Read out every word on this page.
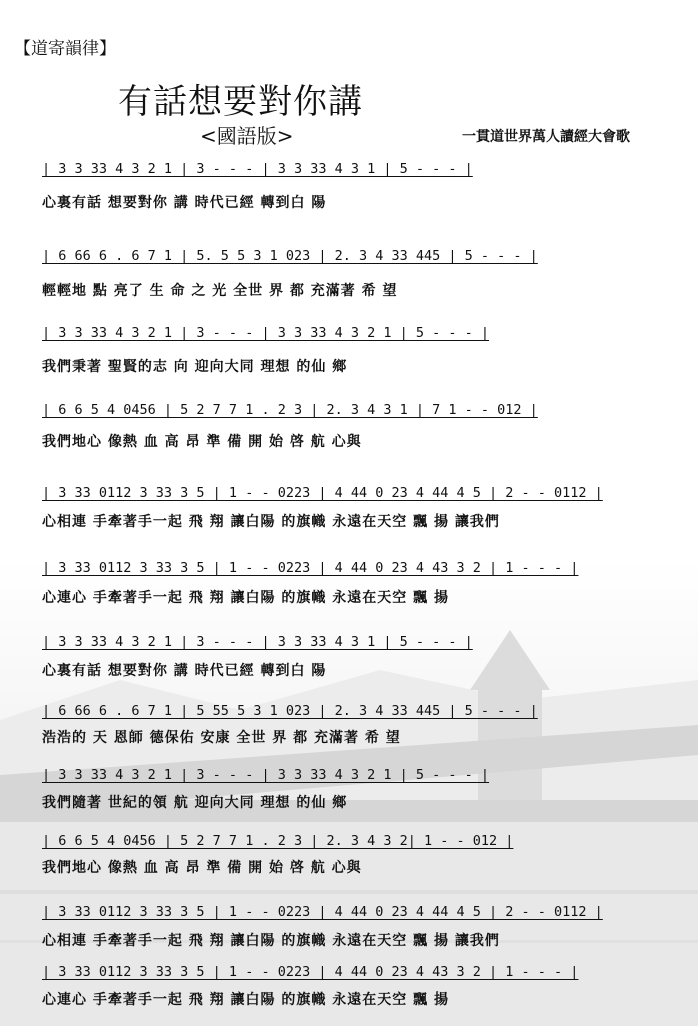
【道寄韻律】
有話想要對你講
<國語版>	一貫道世界萬人讀經大會歌
| 3 3 33 4 3 2 1 | 3 - - - | 3 3 33 4 3 1 | 5 - - - |
心裏有話 想要對你 講 時代已經 轉到白 陽
| 6 66 6 . 6 7 1 | 5. 5 5 3 1 023 | 2. 3 4 33 445 | 5 - - - |
輕輕地 點 亮了 生 命 之 光 全世 界 都 充滿著 希 望
| 3 3 33 4 3 2 1 | 3 - - - | 3 3 33 4 3 2 1 | 5 - - - |
我們秉著 聖賢的志 向 迎向大同 理想 的仙 鄉
| 6 6 5 4 0456 | 5 2 7 7 1 . 2 3 | 2. 3 4 3 1 | 7 1 - - 012 |
我們地心 像熱 血 高 昂 準 備 開 始 啓 航 心與
| 3 33 0112 3 33 3 5 | 1 - - 0223 | 4 44 0 23 4 44 4 5 | 2 - - 0112 |
心相連 手牽著手一起 飛 翔 讓白陽 的旗幟 永遠在天空 飄 揚 讓我們
| 3 33 0112 3 33 3 5 | 1 - - 0223 | 4 44 0 23 4 43 3 2 | 1 - - - |
心連心 手牽著手一起 飛 翔 讓白陽 的旗幟 永遠在天空 飄 揚
| 3 3 33 4 3 2 1 | 3 - - - | 3 3 33 4 3 1 | 5 - - - |
心裏有話 想要對你 講 時代已經 轉到白 陽
| 6 66 6 . 6 7 1 | 5 55 5 3 1 023 | 2. 3 4 33 445 | 5 - - - |
浩浩的 天 恩師 德保佑 安康 全世 界 都 充滿著 希 望
| 3 3 33 4 3 2 1 | 3 - - - | 3 3 33 4 3 2 1 | 5 - - - |
我們隨著 世紀的領 航 迎向大同 理想 的仙 鄉
| 6 6 5 4 0456 | 5 2 7 7 1 . 2 3 | 2. 3 4 3 2| 1 - - 012 |
我們地心 像熱 血 高 昂 準 備 開 始 啓 航 心與
| 3 33 0112 3 33 3 5 | 1 - - 0223 | 4 44 0 23 4 44 4 5 | 2 - - 0112 |
心相連 手牽著手一起 飛 翔 讓白陽 的旗幟 永遠在天空 飄 揚 讓我們
| 3 33 0112 3 33 3 5 | 1 - - 0223 | 4 44 0 23 4 43 3 2 | 1 - - - |
心連心 手牽著手一起 飛 翔 讓白陽 的旗幟 永遠在天空 飄 揚
